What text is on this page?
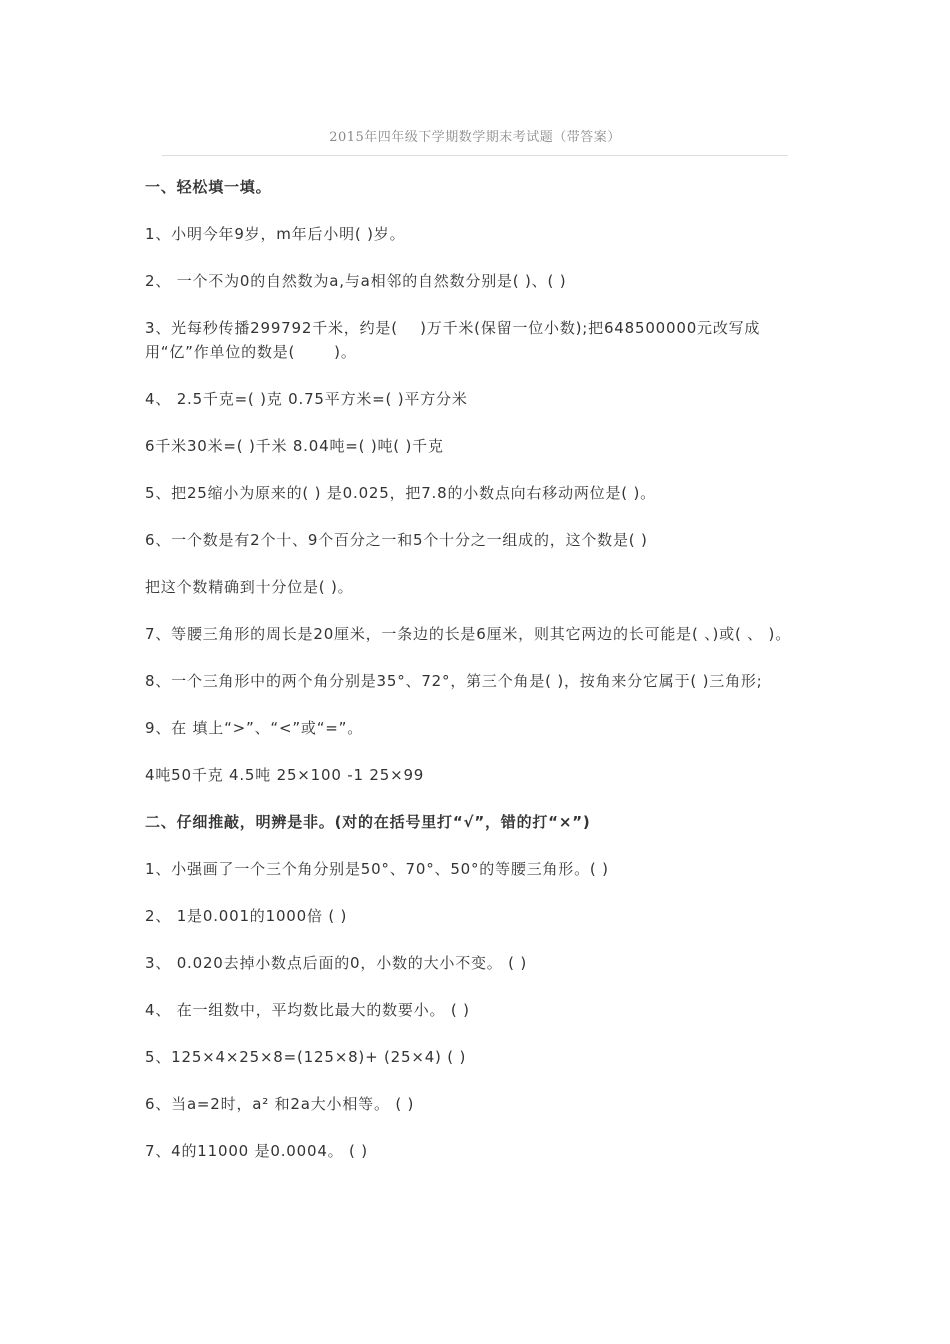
2015年四年级下学期数学期末考试题（带答案）
一、轻松填一填。
1、小明今年9岁，m年后小明( )岁。
2、 一个不为0的自然数为a,与a相邻的自然数分别是( )、( )
3、光每秒传播299792千米，约是(    )万千米(保留一位小数);把648500000元改写成用“亿”作单位的数是(       )。
4、 2.5千克=( )克 0.75平方米=( )平方分米
6千米30米=( )千米 8.04吨=( )吨( )千克
5、把25缩小为原来的( ) 是0.025，把7.8的小数点向右移动两位是( )。
6、一个数是有2个十、9个百分之一和5个十分之一组成的，这个数是( )
把这个数精确到十分位是( )。
7、等腰三角形的周长是20厘米，一条边的长是6厘米，则其它两边的长可能是( 、)或( 、 )。
8、一个三角形中的两个角分别是35°、72°，第三个角是( )，按角来分它属于( )三角形;
9、在 填上“>”、“<”或“=”。
4吨50千克 4.5吨 25×100 -1 25×99
二、仔细推敲，明辨是非。(对的在括号里打“√”，错的打“×”)
1、小强画了一个三个角分别是50°、70°、50°的等腰三角形。( )
2、 1是0.001的1000倍 ( )
3、 0.020去掉小数点后面的0，小数的大小不变。 ( )
4、 在一组数中，平均数比最大的数要小。 ( )
5、125×4×25×8=(125×8)+ (25×4) ( )
6、当a=2时，a² 和2a大小相等。 ( )
7、4的11000 是0.0004。 ( )
